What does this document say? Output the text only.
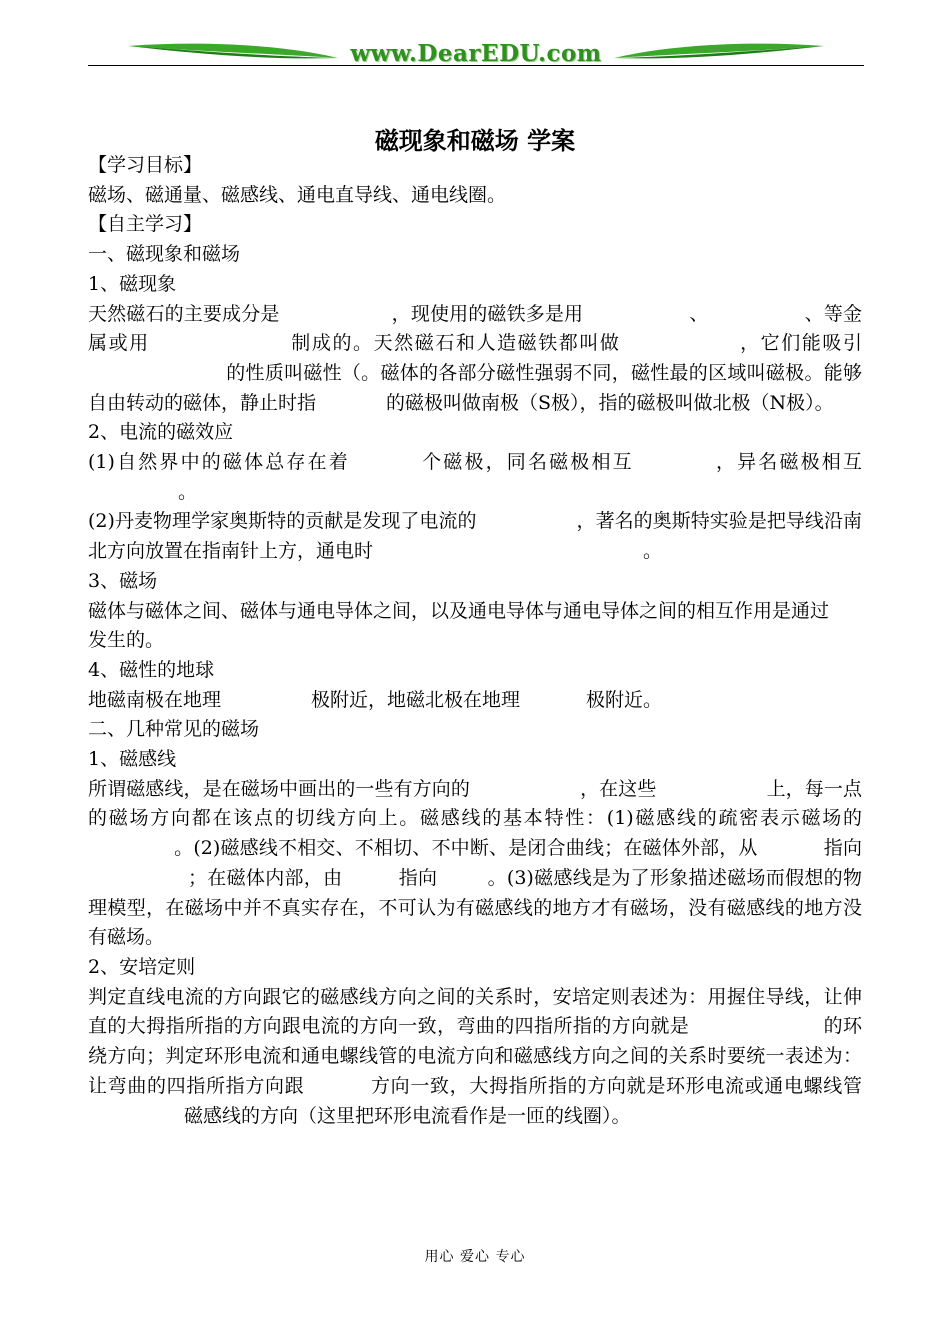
www.DearEDU.com
磁现象和磁场 学案

【学习目标】

磁场、磁通量、磁感线、通电直导线、通电线圈。

【自主学习】

一、磁现象和磁场

1、磁现象

天然磁石的主要成分是	，现使用的磁铁多是用	、	、等金属或用	制成的。天然磁石和人造磁铁都叫做	，它们能吸引的性质叫磁性（。磁体的各部分磁性强弱不同，磁性最的区域叫磁极。能够自由转动的磁体，静止时指	的磁极叫做南极（S极），指的磁极叫做北极（N极）。

2、电流的磁效应

(1)自然界中的磁体总存在着	个磁极，同名磁极相互	，异名磁极相互。

(2)丹麦物理学家奥斯特的贡献是发现了电流的	，著名的奥斯特实验是把导线沿南北方向放置在指南针上方，通电时	。

3、磁场

磁体与磁体之间、磁体与通电导体之间，以及通电导体与通电导体之间的相互作用是通过

发生的。

4、磁性的地球

地磁南极在地理	极附近，地磁北极在地理	极附近。

二、几种常见的磁场

1、磁感线

所谓磁感线，是在磁场中画出的一些有方向的	，在这些	上，每一点的磁场方向都在该点的切线方向上。磁感线的基本特性：(1)磁感线的疏密表示磁场的。(2)磁感线不相交、不相切、不中断、是闭合曲线；在磁体外部，从	指向；在磁体内部，由	指向	。(3)磁感线是为了形象描述磁场而假想的物理模型，在磁场中并不真实存在，不可认为有磁感线的地方才有磁场，没有磁感线的地方没有磁场。

2、安培定则

判定直线电流的方向跟它的磁感线方向之间的关系时，安培定则表述为：用握住导线，让伸直的大拇指所指的方向跟电流的方向一致，弯曲的四指所指的方向就是	的环绕方向；判定环形电流和通电螺线管的电流方向和磁感线方向之间的关系时要统一表述为：让弯曲的四指所指方向跟	方向一致，大拇指所指的方向就是环形电流或通电螺线管磁感线的方向（这里把环形电流看作是一匝的线圈）。

用心 爱心 专心
